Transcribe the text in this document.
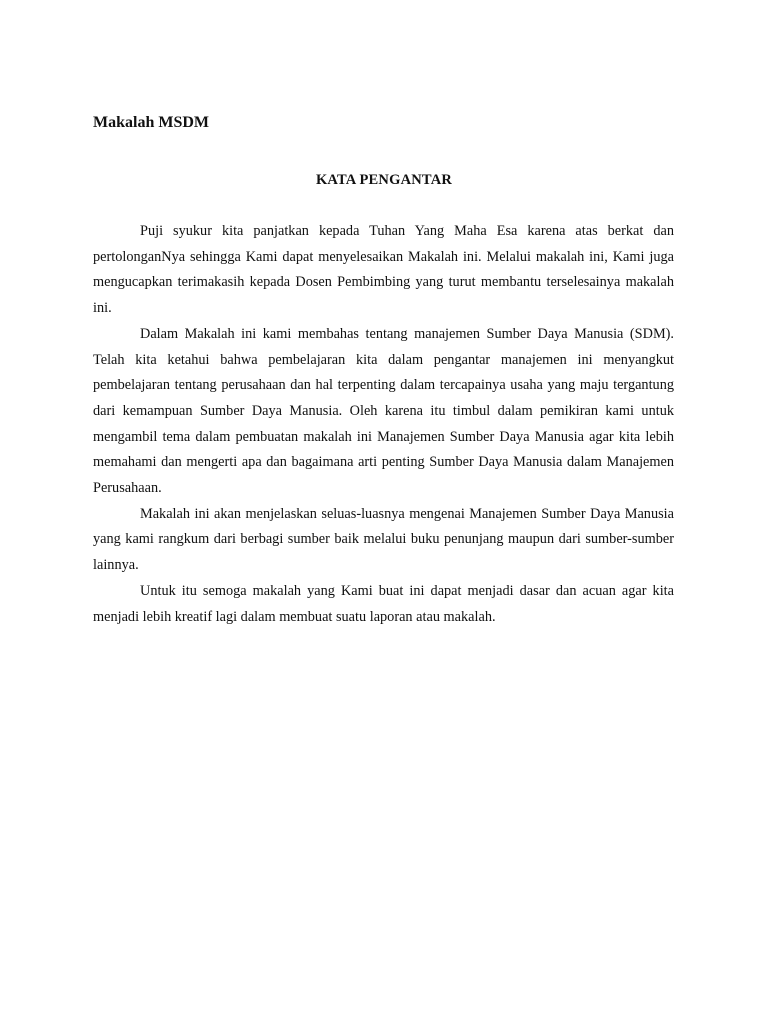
Makalah MSDM
KATA PENGANTAR

Puji syukur kita panjatkan kepada Tuhan Yang Maha Esa karena atas berkat dan pertolonganNya sehingga Kami dapat menyelesaikan Makalah ini. Melalui makalah ini, Kami juga mengucapkan terimakasih kepada Dosen Pembimbing yang turut membantu terselesainya makalah ini.

Dalam Makalah ini kami membahas tentang manajemen Sumber Daya Manusia (SDM). Telah kita ketahui bahwa pembelajaran kita dalam pengantar manajemen ini menyangkut pembelajaran tentang perusahaan dan hal terpenting dalam tercapainya usaha yang maju tergantung dari kemampuan Sumber Daya Manusia. Oleh karena itu timbul dalam pemikiran kami untuk mengambil tema dalam pembuatan makalah ini Manajemen Sumber Daya Manusia agar kita lebih memahami dan mengerti apa dan bagaimana arti penting Sumber Daya Manusia dalam Manajemen Perusahaan.

Makalah ini akan menjelaskan seluas-luasnya mengenai Manajemen Sumber Daya Manusia yang kami rangkum dari berbagi sumber baik melalui buku penunjang maupun dari sumber-sumber lainnya.

Untuk itu semoga makalah yang Kami buat ini dapat menjadi dasar dan acuan agar kita menjadi lebih kreatif lagi dalam membuat suatu laporan atau makalah.
